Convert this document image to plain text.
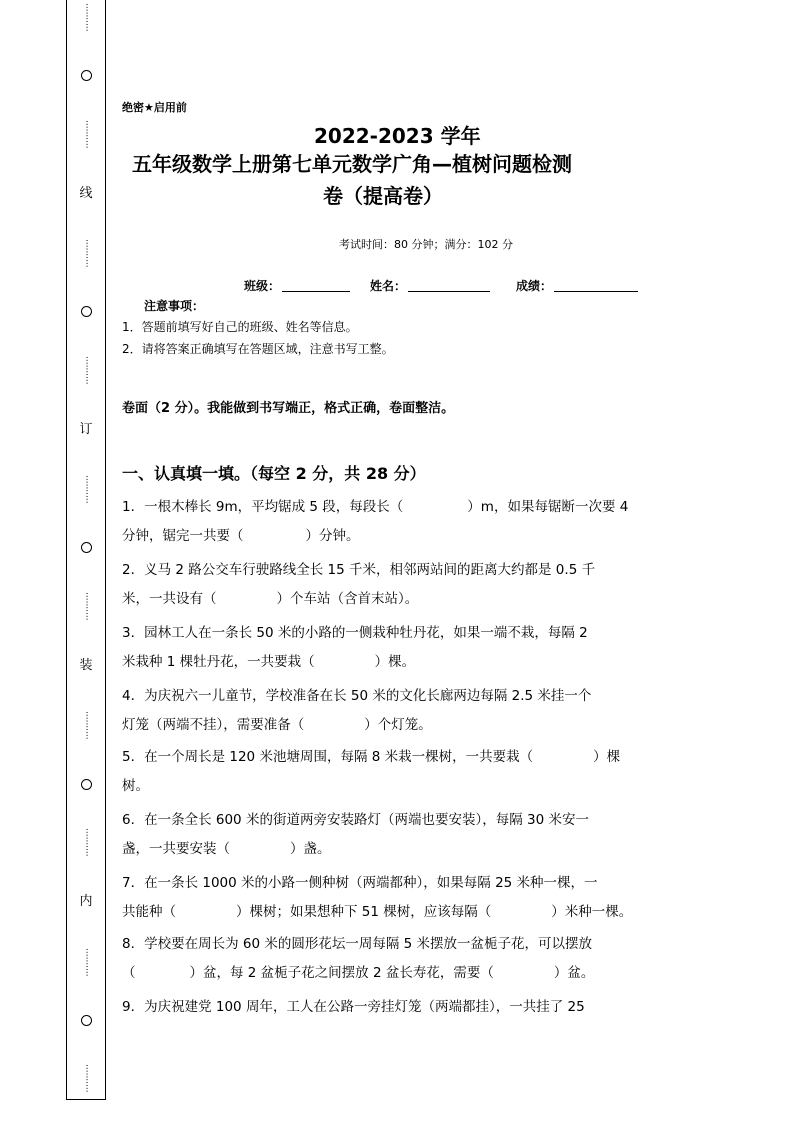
··········
··········
线
··········
··········
订
··········
··········
装
··········
··········
内
··········
··········
绝密★启用前
2022-2023 学年
五年级数学上册第七单元数学广角—植树问题检测
卷（提高卷）
考试时间：80 分钟；满分：102 分
班级：	姓名：	成绩：
注意事项：
1．答题前填写好自己的班级、姓名等信息。
2．请将答案正确填写在答题区域，注意书写工整。
卷面（2 分）。我能做到书写端正，格式正确，卷面整洁。
一、认真填一填。（每空 2 分，共 28 分）
1．一根木棒长 9m，平均锯成 5 段，每段长（	）m，如果每锯断一次要 4
分钟，锯完一共要（	）分钟。
2．义马 2 路公交车行驶路线全长 15 千米，相邻两站间的距离大约都是 0.5 千
米，一共设有（	）个车站（含首末站）。
3．园林工人在一条长 50 米的小路的一侧栽种牡丹花，如果一端不栽，每隔 2
米栽种 1 棵牡丹花，一共要栽（	）棵。
4．为庆祝六一儿童节，学校准备在长 50 米的文化长廊两边每隔 2.5 米挂一个
灯笼（两端不挂），需要准备（	）个灯笼。
5．在一个周长是 120 米池塘周围，每隔 8 米栽一棵树，一共要栽（	）棵
树。
6．在一条全长 600 米的街道两旁安装路灯（两端也要安装），每隔 30 米安一
盏，一共要安装（	）盏。
7．在一条长 1000 米的小路一侧种树（两端都种），如果每隔 25 米种一棵，一
共能种（	）棵树；如果想种下 51 棵树，应该每隔（	）米种一棵。
8．学校要在周长为 60 米的圆形花坛一周每隔 5 米摆放一盆栀子花，可以摆放
（	）盆，每 2 盆栀子花之间摆放 2 盆长寿花，需要（	）盆。
9．为庆祝建党 100 周年，工人在公路一旁挂灯笼（两端都挂），一共挂了 25
